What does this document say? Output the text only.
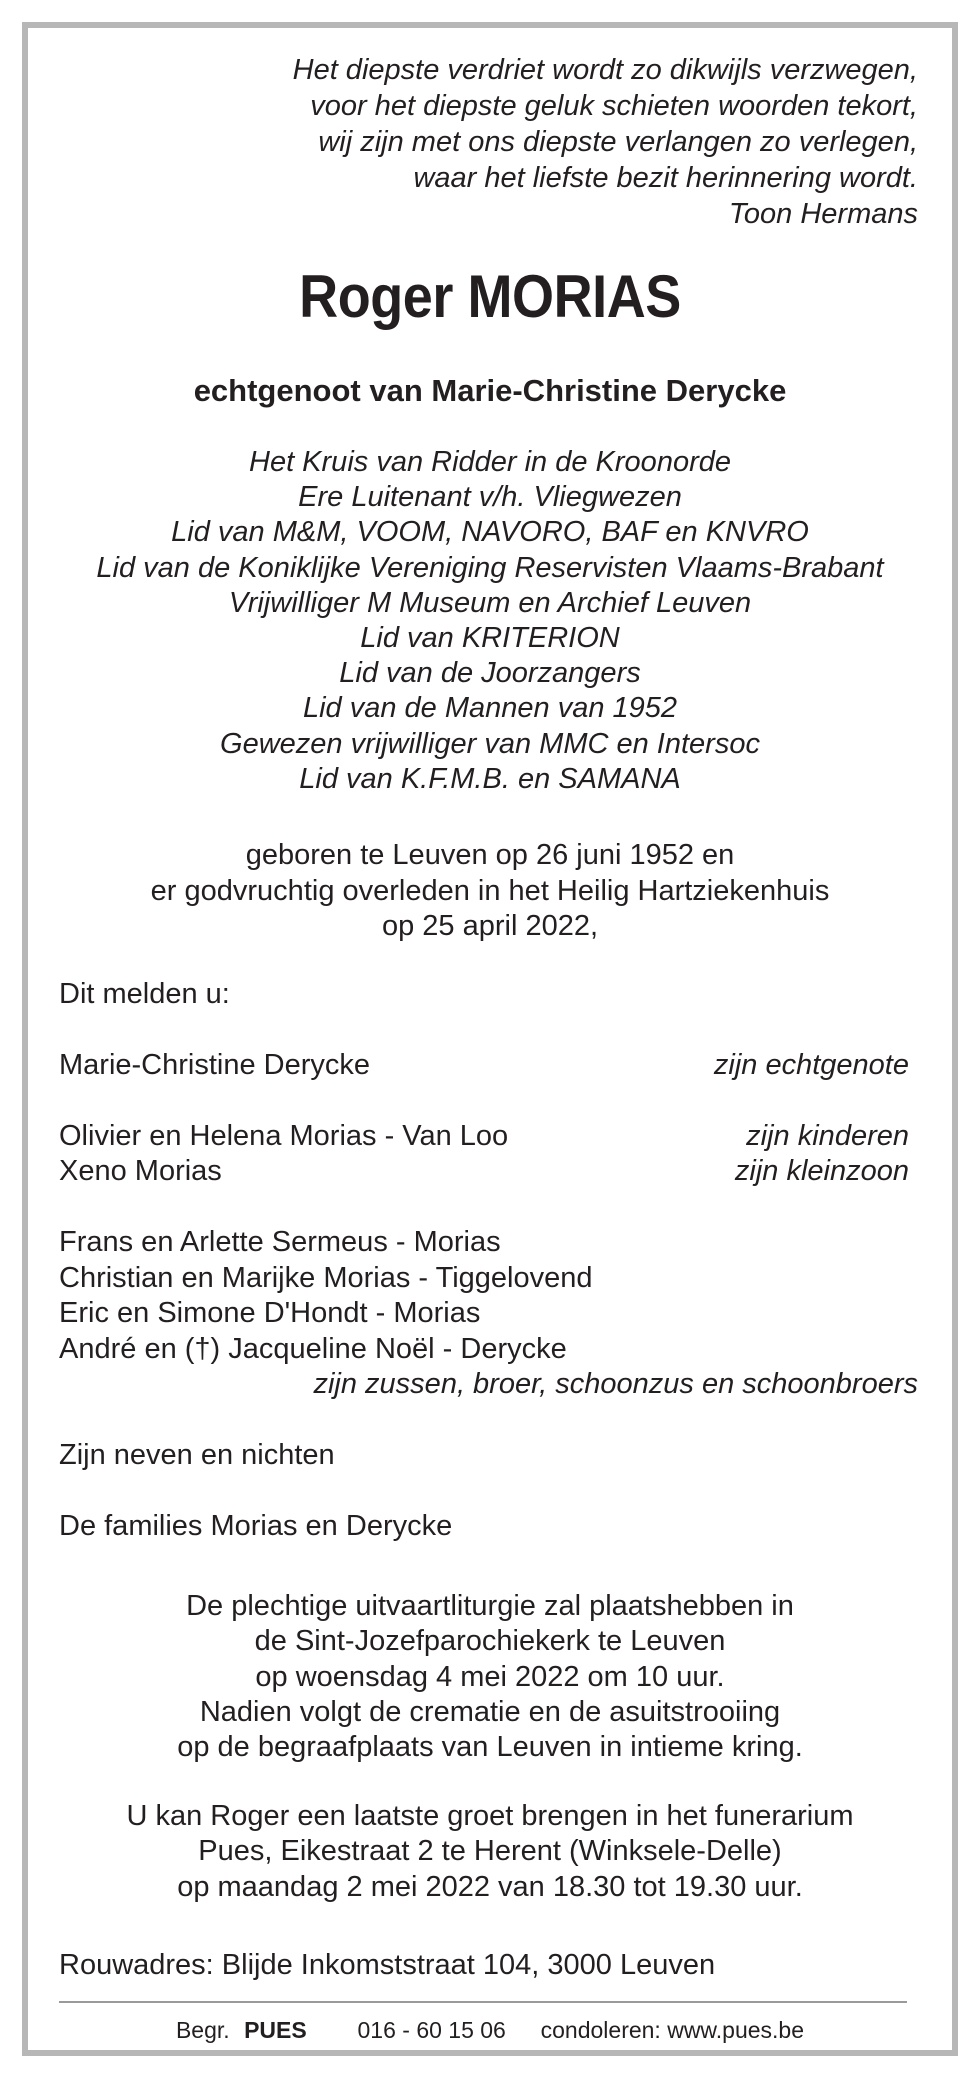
Het diepste verdriet wordt zo dikwijls verzwegen,
voor het diepste geluk schieten woorden tekort,
wij zijn met ons diepste verlangen zo verlegen,
waar het liefste bezit herinnering wordt.
Toon Hermans
Roger MORIAS
echtgenoot van Marie-Christine Derycke
Het Kruis van Ridder in de Kroonorde
Ere Luitenant v/h. Vliegwezen
Lid van M&M, VOOM, NAVORO, BAF en KNVRO
Lid van de Koniklijke Vereniging Reservisten Vlaams-Brabant
Vrijwilliger M Museum en Archief Leuven
Lid van KRITERION
Lid van de Joorzangers
Lid van de Mannen van 1952
Gewezen vrijwilliger van MMC en Intersoc
Lid van K.F.M.B. en SAMANA
geboren te Leuven op 26 juni 1952 en
er godvruchtig overleden in het Heilig Hartziekenhuis
op 25 april 2022,
Dit melden u:
Marie-Christine Derycke	zijn echtgenote
Olivier en Helena Morias - Van Loo	zijn kinderen
Xeno Morias	zijn kleinzoon
Frans en Arlette Sermeus - Morias
Christian en Marijke Morias - Tiggelovend
Eric en Simone D'Hondt - Morias
André en (†) Jacqueline Noël - Derycke
zijn zussen, broer, schoonzus en schoonbroers
Zijn neven en nichten
De families Morias en Derycke
De plechtige uitvaartliturgie zal plaatshebben in
de Sint-Jozefparochiekerk te Leuven
op woensdag 4 mei 2022 om 10 uur.
Nadien volgt de crematie en de asuitstrooiing
op de begraafplaats van Leuven in intieme kring.
U kan Roger een laatste groet brengen in het funerarium
Pues, Eikestraat 2 te Herent (Winksele-Delle)
op maandag 2 mei 2022 van 18.30 tot 19.30 uur.
Rouwadres: Blijde Inkomststraat 104, 3000 Leuven
Begr. PUES 016 - 60 15 06 condoleren: www.pues.be
